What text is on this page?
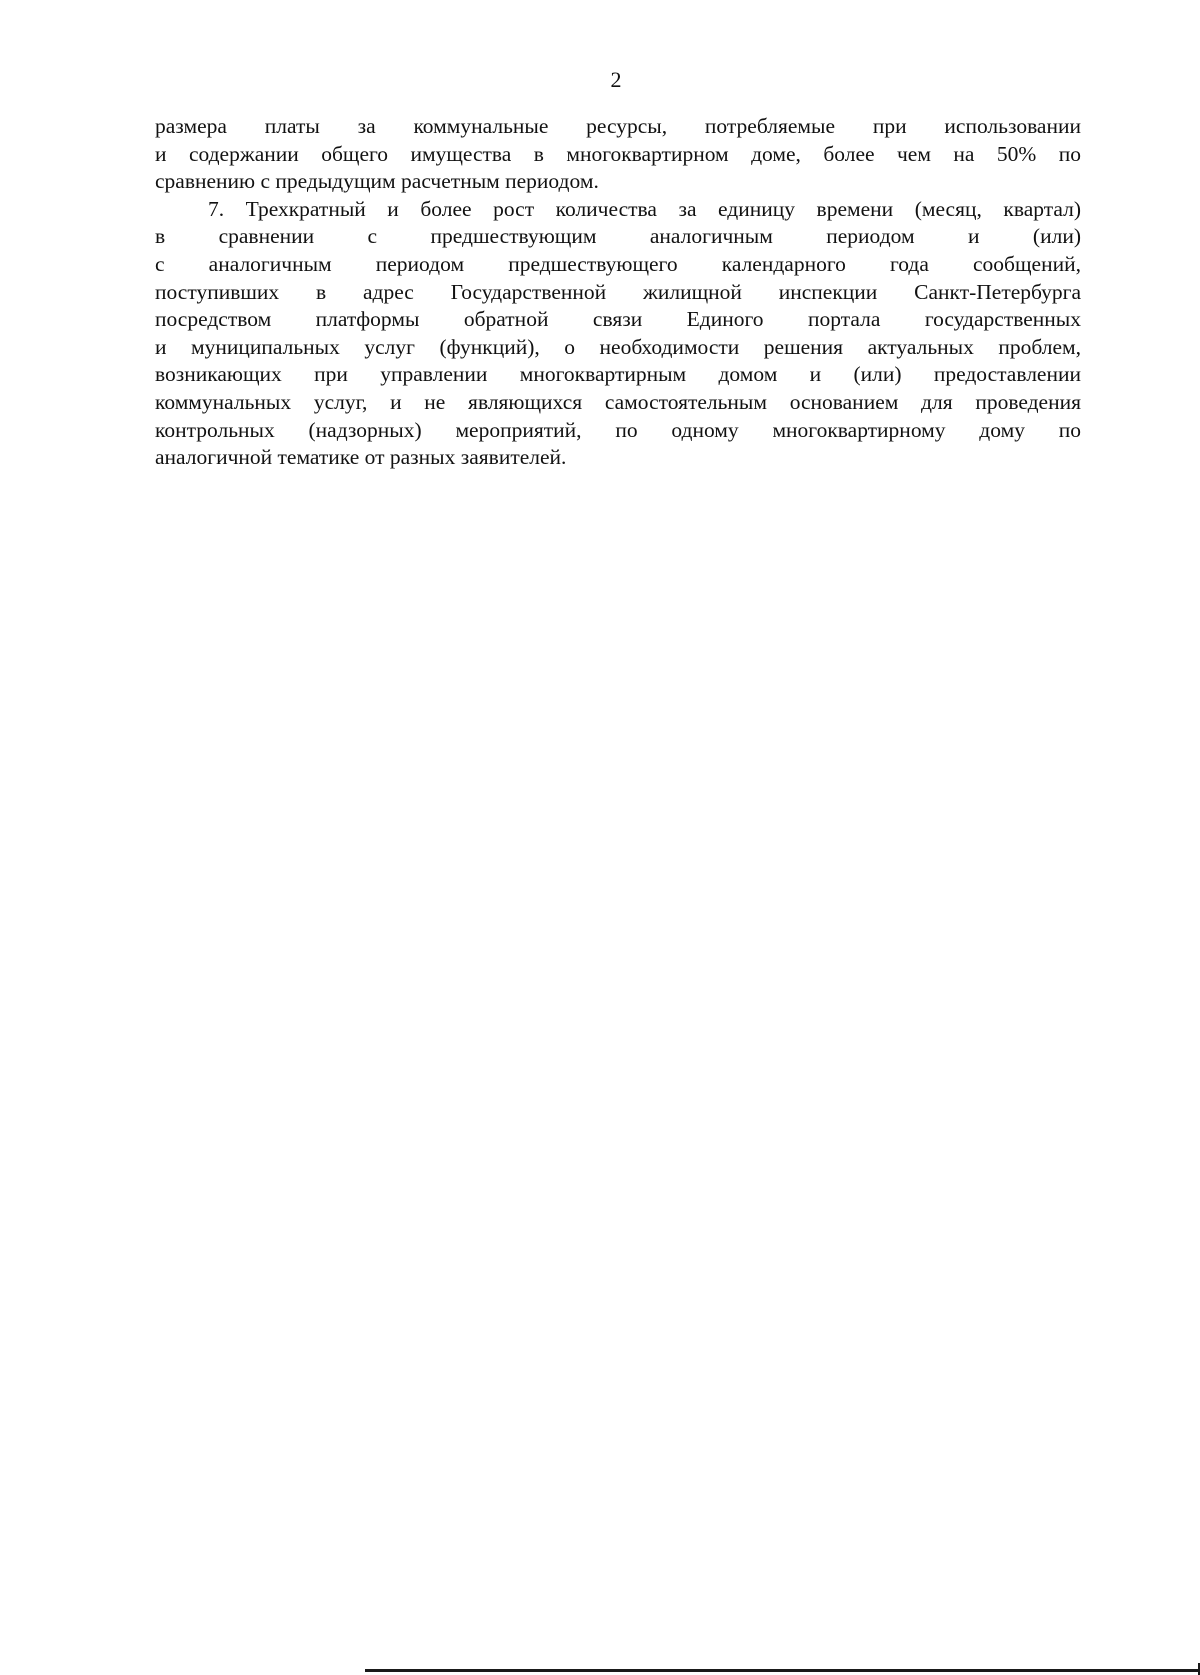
2
размера платы за коммунальные ресурсы, потребляемые при использовании
и содержании общего имущества в многоквартирном доме, более чем на 50% по
сравнению с предыдущим расчетным периодом.
7. Трехкратный и более рост количества за единицу времени (месяц, квартал)
в сравнении с предшествующим аналогичным периодом и (или)
с аналогичным периодом предшествующего календарного года сообщений,
поступивших в адрес Государственной жилищной инспекции Санкт-Петербурга
посредством платформы обратной связи Единого портала государственных
и муниципальных услуг (функций), о необходимости решения актуальных проблем,
возникающих при управлении многоквартирным домом и (или) предоставлении
коммунальных услуг, и не являющихся самостоятельным основанием для проведения
контрольных (надзорных) мероприятий, по одному многоквартирному дому по
аналогичной тематике от разных заявителей.
